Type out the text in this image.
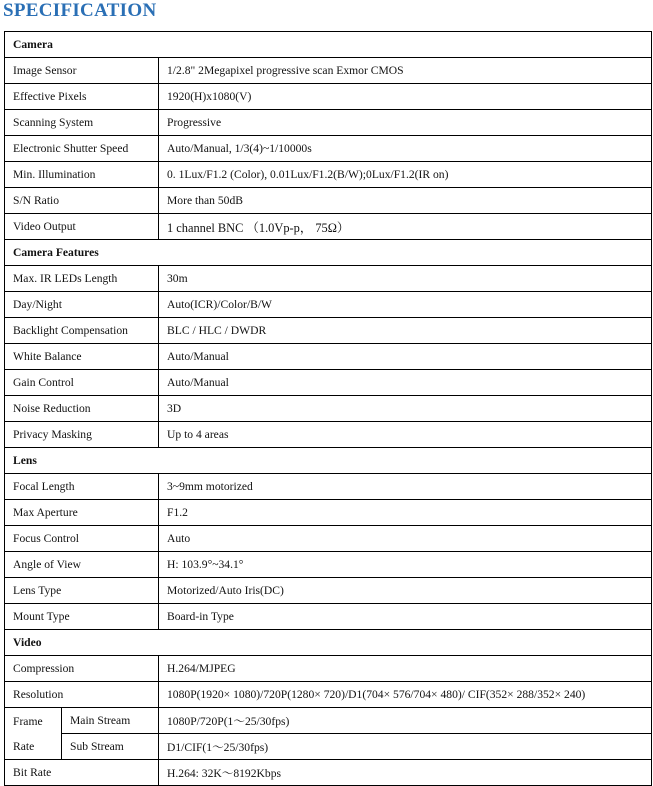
SPECIFICATION
Camera		
Image Sensor		1/2.8" 2Megapixel progressive scan Exmor CMOS
Effective Pixels		1920(H)x1080(V)
Scanning System		Progressive
Electronic Shutter Speed		Auto/Manual, 1/3(4)~1/10000s
Min. Illumination		0. 1Lux/F1.2 (Color), 0.01Lux/F1.2(B/W);0Lux/F1.2(IR on)
S/N Ratio		More than 50dB
Video Output		1 channel BNC （1.0Vp-p， 75Ω）
Camera Features		
Max. IR LEDs Length		30m
Day/Night		Auto(ICR)/Color/B/W
Backlight Compensation		BLC / HLC / DWDR
White Balance		Auto/Manual
Gain Control		Auto/Manual
Noise Reduction		3D
Privacy Masking		Up to 4 areas
Lens		
Focal Length		3~9mm motorized
Max Aperture		F1.2
Focus Control		Auto
Angle of View		H: 103.9°~34.1°
Lens Type		Motorized/Auto Iris(DC)
Mount Type		Board-in Type
Video		
Compression		H.264/MJPEG
Resolution		1080P(1920× 1080)/720P(1280× 720)/D1(704× 576/704× 480)/ CIF(352× 288/352× 240)

Frame
Rate	Main Stream	1080P/720P(1～25/30fps)
	Sub Stream	D1/CIF(1～25/30fps)
Bit Rate		H.264: 32K～8192Kbps
